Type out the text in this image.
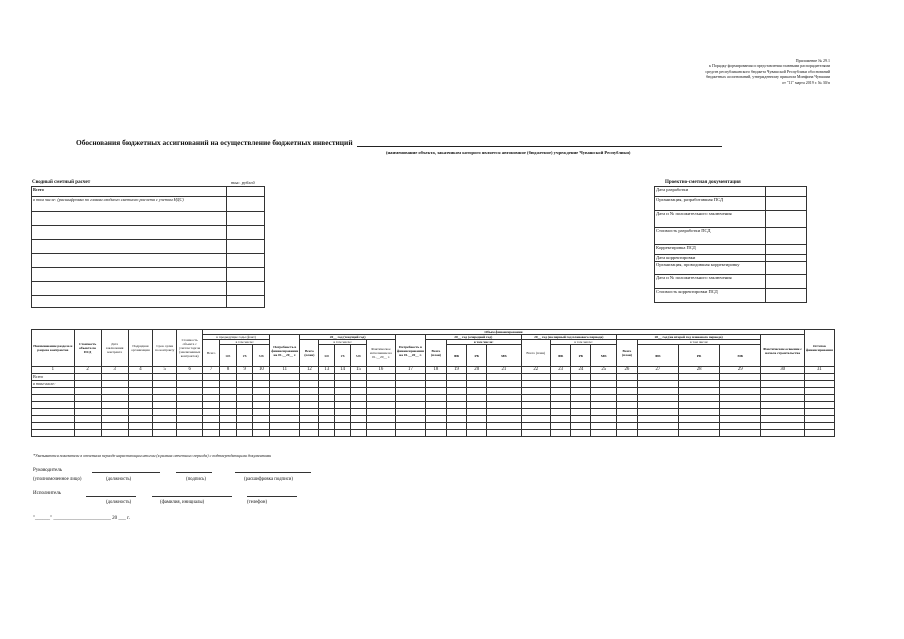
Приложение № 29.1
к Порядку формирования и представления главными распорядителями
средств республиканского бюджета Чувашской Республики обоснований
бюджетных ассигнований, утвержденному приказом Минфина Чувашии
от "11" марта 2019 г. № 30/п
Обоснования бюджетных ассигнований на осуществление бюджетных инвестиций
(наименование объекта, заказчиком которого является автономное (бюджетное) учреждение Чувашской Республики)
Сводный сметный расчет	тыс. рублей
Всего	
в том числе: (расшифровка по главам сводного сметного расчета с учетом НДС)	

Проектно-сметная документация
Дата разработки	
Организация, разработавшая ПСД	
Дата и № положительного заключения	
Стоимость разработки ПСД	
Корректировка ПСД	
Дата корректировки	
Организация, проводившая корректировку	
Дата и № положительного заключения	
Стоимость корректировки ПСД	
Наименование раздела и разреза контрактов	Стоимость объекта по ПСД	Дата заключения контракта	Подрядная организация	Срок сдачи по контракту	Стоимость объекта с учетом торгов (заключенных контрактов)	Объем финансирования																								Остаток финансирования
						в предыдущие годы (факт)				Потребность в финансировании на 01.__20__ г.	20__ год (текущий год)					Потребность в финансировании на 01.__20__ г.	20__ год (очередной год)				20__ год (на первый год планового периода)				20__ год (на второй год планового периода)				Фактические освоение с начала строительства	
						Всего	в том числе:				Всего (план)	в том числе:			Фактическое исполнение на 01.__20__ г.		Всего (план)	в том числе:			Всего (план)	в том числе:			Всего (план)	в том числе:				
							ФБ	РБ	МБ			ФБ	РБ	МБ				ФБ	РБ	МБ		ФБ	РБ	МБ		ФБ	РБ	МБ		
1	2	3	4	5	6	7	8	9	10	11	12	13	14	15	16	17	18	19	20	21	22	23	24	25	26	27	28	29	30	31
Всего																														
в том числе:																														

*Указываются показатели в отчетном периоде нарастающим итогом (в рамках отчетного периода) с подтверждающими документами
Руководитель
(уполномоченное лицо)	(должность)	(подпись)	(расшифровка подписи)
Исполнитель
(должность)	(фамилия, инициалы)	(телефон)
"______" _______________________ 20 ___ г.
